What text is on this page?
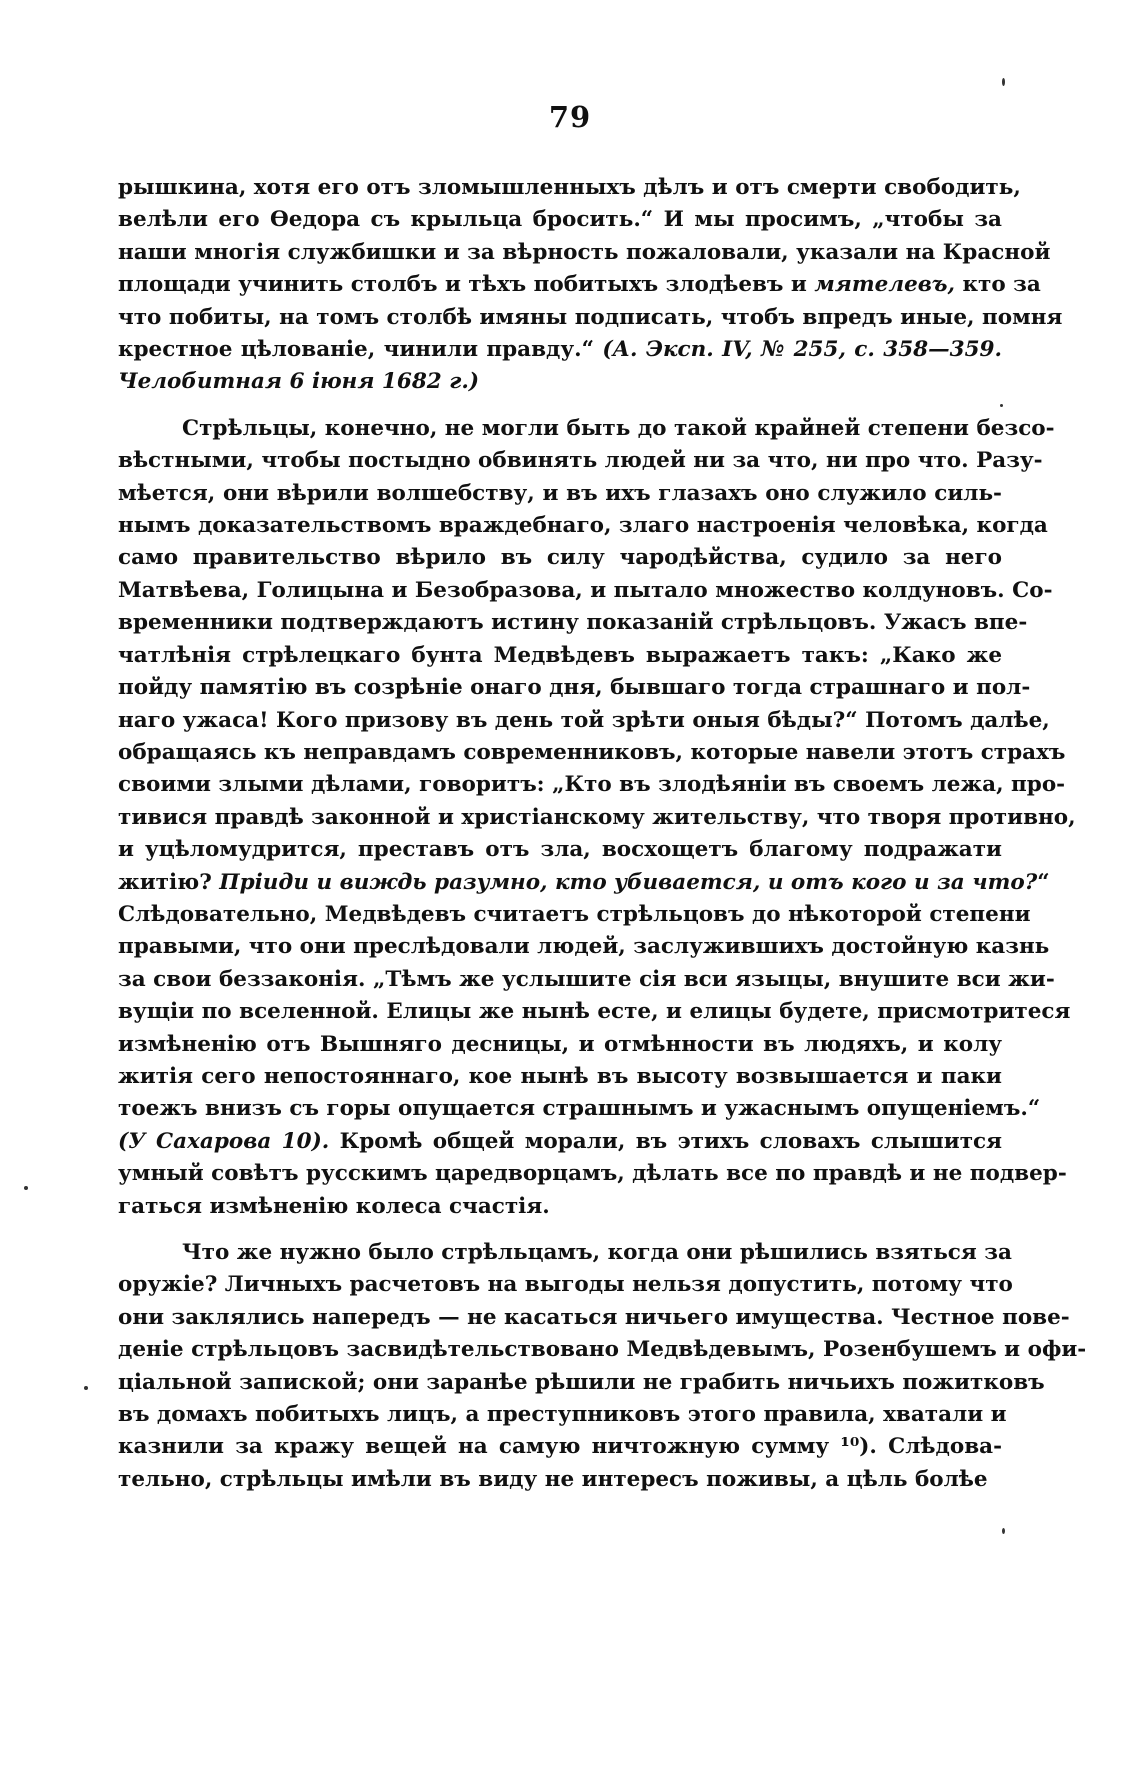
79
рышкина, хотя его отъ зломышленныхъ дѣлъ и отъ смерти свободить,
велѣли его Ѳедора съ крыльца бросить.“ И мы просимъ, „чтобы за
наши многія службишки и за вѣрность пожаловали, указали на Красной
площади учинить столбъ и тѣхъ побитыхъ злодѣевъ и мятелевъ, кто за
что побиты, на томъ столбѣ имяны подписать, чтобъ впредъ иные, помня
крестное цѣлованіе, чинили правду.“ (А. Эксп. IV, № 255, с. 358—359.
Челобитная 6 іюня 1682 г.)
Стрѣльцы, конечно, не могли быть до такой крайней степени безсо-
вѣстными, чтобы постыдно обвинять людей ни за что, ни про что. Разу-
мѣется, они вѣрили волшебству, и въ ихъ глазахъ оно служило силь-
нымъ доказательствомъ враждебнаго, злаго настроенія человѣка, когда
само правительство вѣрило въ силу чародѣйства, судило за него
Матвѣева, Голицына и Безобразова, и пытало множество колдуновъ. Со-
временники подтверждаютъ истину показаній стрѣльцовъ. Ужасъ впе-
чатлѣнія стрѣлецкаго бунта Медвѣдевъ выражаетъ такъ: „Како же
пойду памятію въ созрѣніе онаго дня, бывшаго тогда страшнаго и пол-
наго ужаса! Кого призову въ день той зрѣти оныя бѣды?“ Потомъ далѣе,
обращаясь къ неправдамъ современниковъ, которые навели этотъ страхъ
своими злыми дѣлами, говоритъ: „Кто въ злодѣяніи въ своемъ лежа, про-
тивися правдѣ законной и христіанскому жительству, что творя противно,
и уцѣломудрится, преставъ отъ зла, восхощетъ благому подражати
житію? Пріиди и виждь разумно, кто убивается, и отъ кого и за что?“
Слѣдовательно, Медвѣдевъ считаетъ стрѣльцовъ до нѣкоторой степени
правыми, что они преслѣдовали людей, заслужившихъ достойную казнь
за свои беззаконія. „Тѣмъ же услышите сія вси языцы, внушите вси жи-
вущіи по вселенной. Елицы же нынѣ есте, и елицы будете, присмотритеся
измѣненію отъ Вышняго десницы, и отмѣнности въ людяхъ, и колу
житія сего непостояннаго, кое нынѣ въ высоту возвышается и паки
тоежъ внизъ съ горы опущается страшнымъ и ужаснымъ опущеніемъ.“
(У Сахарова 10). Кромѣ общей морали, въ этихъ словахъ слышится
умный совѣтъ русскимъ царедворцамъ, дѣлать все по правдѣ и не подвер-
гаться измѣненію колеса счастія.
Что же нужно было стрѣльцамъ, когда они рѣшились взяться за
оружіе? Личныхъ расчетовъ на выгоды нельзя допустить, потому что
они заклялись напередъ — не касаться ничьего имущества. Честное пове-
деніе стрѣльцовъ засвидѣтельствовано Медвѣдевымъ, Розенбушемъ и офи-
ціальной запиской; они заранѣе рѣшили не грабить ничьихъ пожитковъ
въ домахъ побитыхъ лицъ, а преступниковъ этого правила, хватали и
казнили за кражу вещей на самую ничтожную сумму ¹⁰). Слѣдова-
тельно, стрѣльцы имѣли въ виду не интересъ поживы, а цѣль болѣе
